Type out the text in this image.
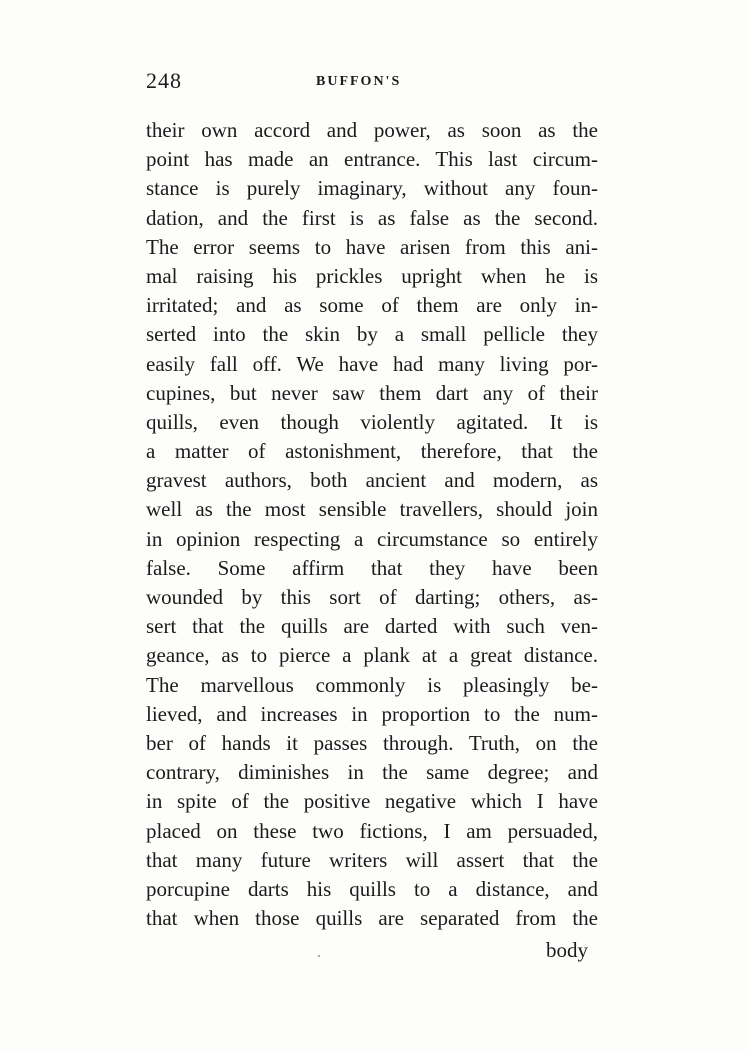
248	BUFFON'S
their own accord and power, as soon as the
point has made an entrance. This last circum-
stance is purely imaginary, without any foun-
dation, and the first is as false as the second.
The error seems to have arisen from this ani-
mal raising his prickles upright when he is
irritated; and as some of them are only in-
serted into the skin by a small pellicle they
easily fall off. We have had many living por-
cupines, but never saw them dart any of their
quills, even though violently agitated. It is
a matter of astonishment, therefore, that the
gravest authors, both ancient and modern, as
well as the most sensible travellers, should join
in opinion respecting a circumstance so entirely
false. Some affirm that they have been
wounded by this sort of darting; others, as-
sert that the quills are darted with such ven-
geance, as to pierce a plank at a great distance.
The marvellous commonly is pleasingly be-
lieved, and increases in proportion to the num-
ber of hands it passes through. Truth, on the
contrary, diminishes in the same degree; and
in spite of the positive negative which I have
placed on these two fictions, I am persuaded,
that many future writers will assert that the
porcupine darts his quills to a distance, and
that when those quills are separated from the
body
